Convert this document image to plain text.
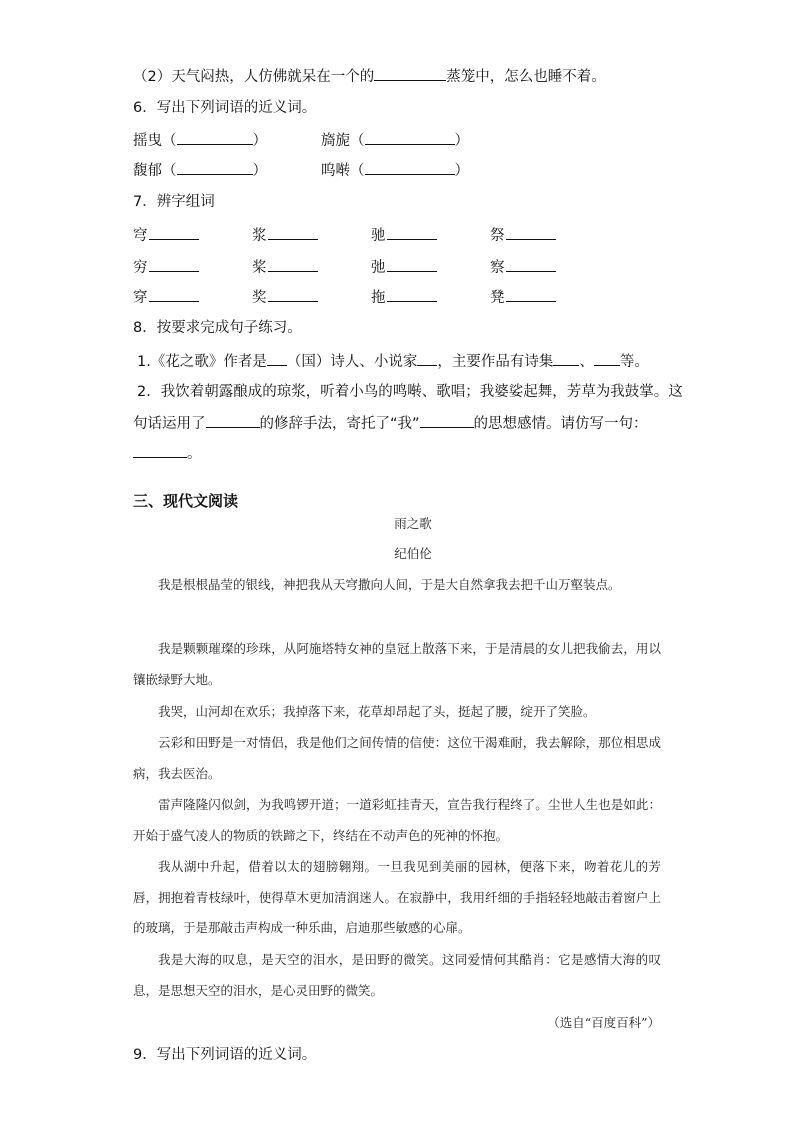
（2）天气闷热，人仿佛就呆在一个的	蒸笼中，怎么也睡不着。
6．写出下列词语的近义词。
摇曳（	）	旖旎（	）
馥郁（	）	呜啭（	）
7．辨字组词
穹	浆	驰	祭
穷	桨	弛	察
穿	奖	拖	凳
8．按要求完成句子练习。
1.《花之歌》作者是 （国）诗人、小说家 ，主要作品有诗集 、 等。
2．我饮着朝露酿成的琼浆，听着小鸟的鸣啭、歌唱；我婆娑起舞，芳草为我鼓掌。这
句话运用了	的修辞手法，寄托了“我”	的思想感情。请仿写一句：
。
三、现代文阅读
雨之歌
纪伯伦

我是根根晶莹的银线，神把我从天穹撒向人间，于是大自然拿我去把千山万壑装点。

我是颗颗璀璨的珍珠，从阿施塔特女神的皇冠上散落下来，于是清晨的女儿把我偷去，用以镶嵌绿野大地。

我哭，山河却在欢乐；我掉落下来，花草却昂起了头，挺起了腰，绽开了笑脸。

云彩和田野是一对情侣，我是他们之间传情的信使：这位干渴难耐，我去解除，那位相思成病，我去医治。

雷声隆隆闪似剑，为我鸣锣开道；一道彩虹挂青天，宣告我行程终了。尘世人生也是如此：开始于盛气凌人的物质的铁蹄之下，终结在不动声色的死神的怀抱。

我从湖中升起，借着以太的翅膀翱翔。一旦我见到美丽的园林，便落下来，吻着花儿的芳唇，拥抱着青枝绿叶，使得草木更加清润迷人。在寂静中，我用纤细的手指轻轻地敲击着窗户上的玻璃，于是那敲击声构成一种乐曲，启迪那些敏感的心扉。

我是大海的叹息，是天空的泪水，是田野的微笑。这同爱情何其酷肖：它是感情大海的叹息，是思想天空的泪水，是心灵田野的微笑。

（选自“百度百科”）
9．写出下列词语的近义词。
